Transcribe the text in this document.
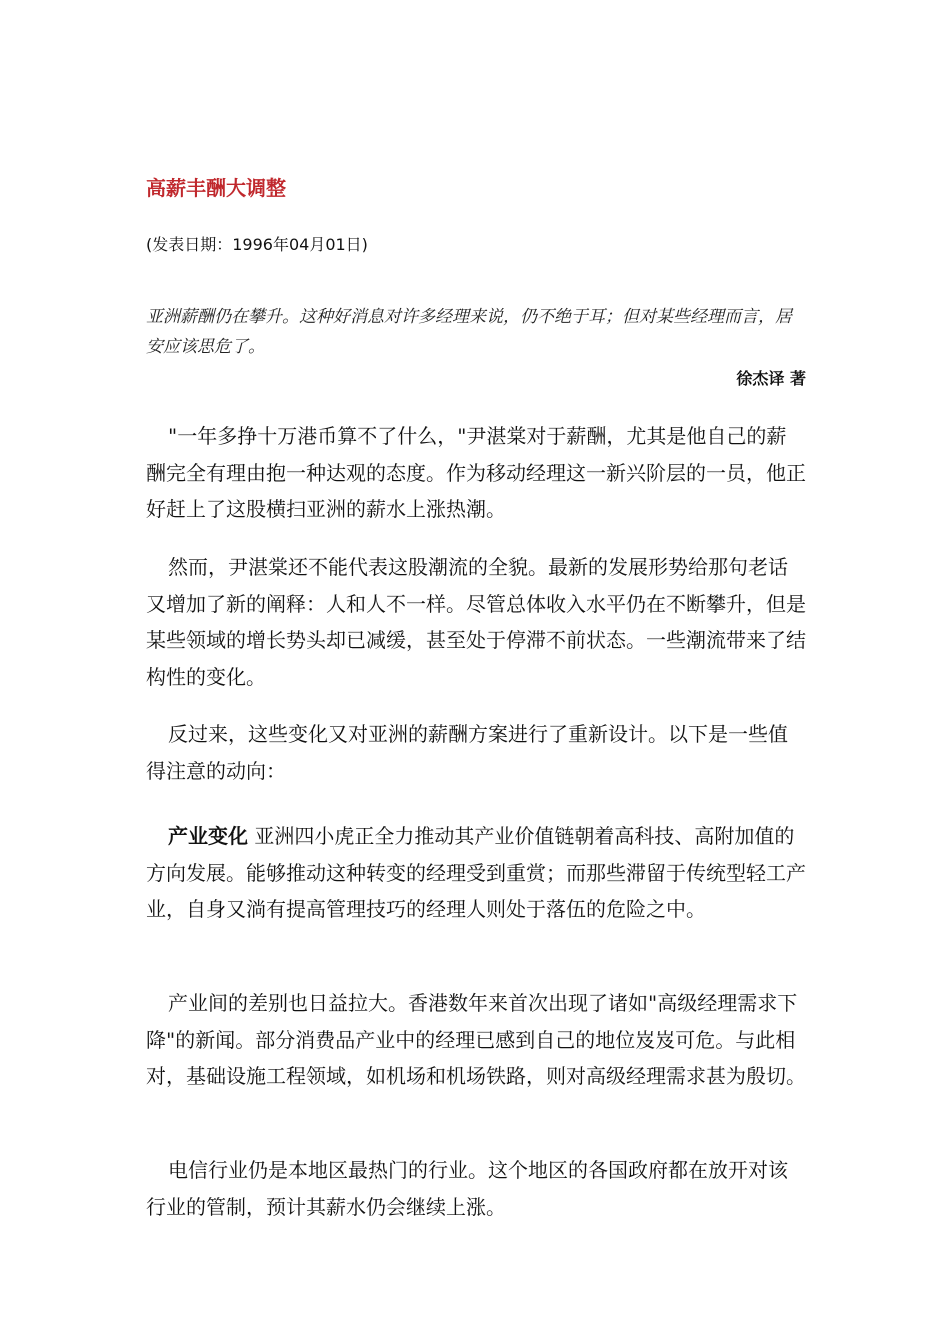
高薪丰酬大调整
(发表日期：1996年04月01日)
亚洲薪酬仍在攀升。这种好消息对许多经理来说，仍不绝于耳；但对某些经理而言，居安应该思危了。
徐杰译 著

"一年多挣十万港币算不了什么，"尹湛棠对于薪酬，尤其是他自己的薪酬完全有理由抱一种达观的态度。作为移动经理这一新兴阶层的一员，他正好赶上了这股横扫亚洲的薪水上涨热潮。

然而，尹湛棠还不能代表这股潮流的全貌。最新的发展形势给那句老话又增加了新的阐释：人和人不一样。尽管总体收入水平仍在不断攀升，但是某些领域的增长势头却已减缓，甚至处于停滞不前状态。一些潮流带来了结构性的变化。

反过来，这些变化又对亚洲的薪酬方案进行了重新设计。以下是一些值得注意的动向：

产业变化 亚洲四小虎正全力推动其产业价值链朝着高科技、高附加值的方向发展。能够推动这种转变的经理受到重赏；而那些滞留于传统型轻工产业，自身又淌有提高管理技巧的经理人则处于落伍的危险之中。

产业间的差别也日益拉大。香港数年来首次出现了诸如"高级经理需求下降"的新闻。部分消费品产业中的经理已感到自己的地位岌岌可危。与此相对，基础设施工程领域，如机场和机场铁路，则对高级经理需求甚为殷切。

电信行业仍是本地区最热门的行业。这个地区的各国政府都在放开对该行业的管制，预计其薪水仍会继续上涨。
